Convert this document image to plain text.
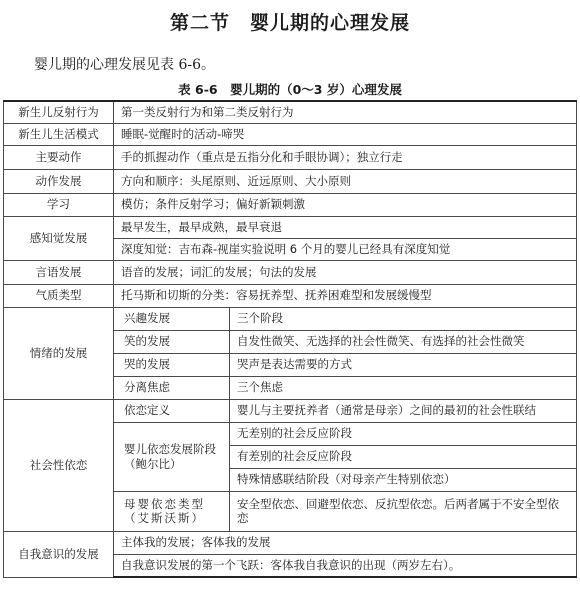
第二节　婴儿期的心理发展
婴儿期的心理发展见表 6-6。
表 6-6　婴儿期的（0～3 岁）心理发展
新生儿反射行为	第一类反射行为和第二类反射行为	
新生儿生活模式	睡眠-觉醒时的活动-啼哭	
主要动作	手的抓握动作（重点是五指分化和手眼协调）；独立行走	
动作发展	方向和顺序：头尾原则、近远原则、大小原则	
学习	模仿；条件反射学习；偏好新颖刺激	
感知觉发展	最早发生，最早成熟，最早衰退	
	深度知觉：吉布森-视崖实验说明 6 个月的婴儿已经具有深度知觉	
言语发展	语音的发展；词汇的发展；句法的发展	
气质类型	托马斯和切斯的分类：容易抚养型、抚养困难型和发展缓慢型	
情绪的发展	兴趣发展	三个阶段
	笑的发展	自发性微笑、无选择的社会性微笑、有选择的社会性微笑
	哭的发展	哭声是表达需要的方式
	分离焦虑	三个焦虑
社会性依恋	依恋定义	婴儿与主要抚养者（通常是母亲）之间的最初的社会性联结
	婴儿依恋发展阶段（鲍尔比）	无差别的社会反应阶段
		有差别的社会反应阶段
		特殊情感联结阶段（对母亲产生特别依恋）
	母婴依恋类型（艾斯沃斯）	安全型依恋、回避型依恋、反抗型依恋。后两者属于不安全型依恋

自我意识的发展	主体我的发展；客体我的发展	
	自我意识发展的第一个飞跃：客体我自我意识的出现（两岁左右）。	
